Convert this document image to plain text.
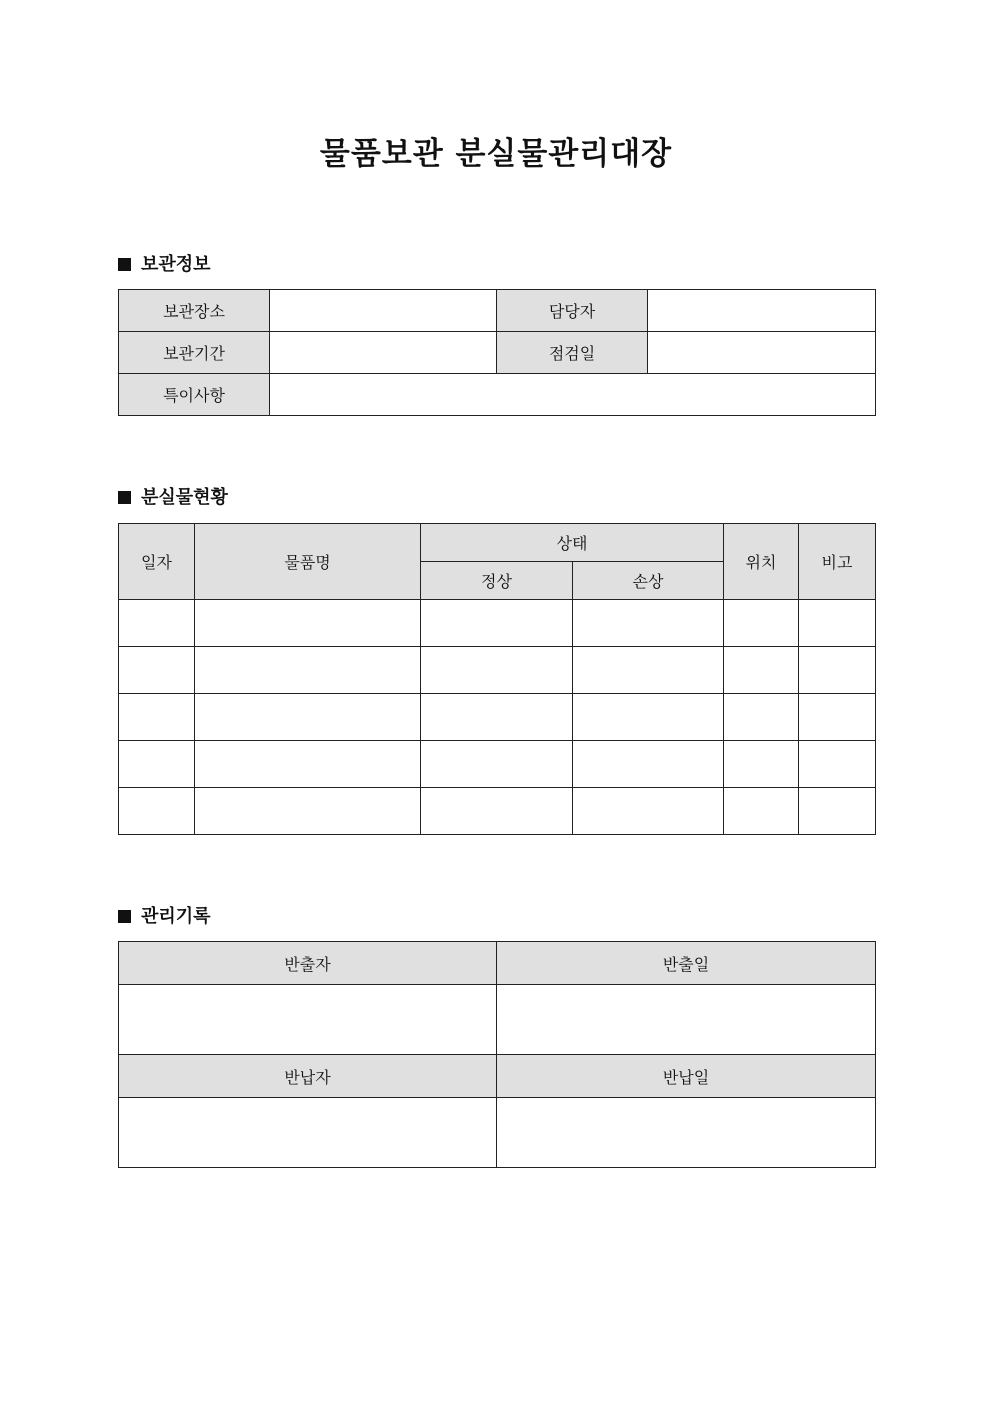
물품보관 분실물관리대장
보관정보
보관장소		담당자	
보관기간		점검일	
특이사항			
분실물현황
일자	물품명	상태		위치	비고
		정상	손상		

관리기록
반출자	반출일

반납자	반납일
